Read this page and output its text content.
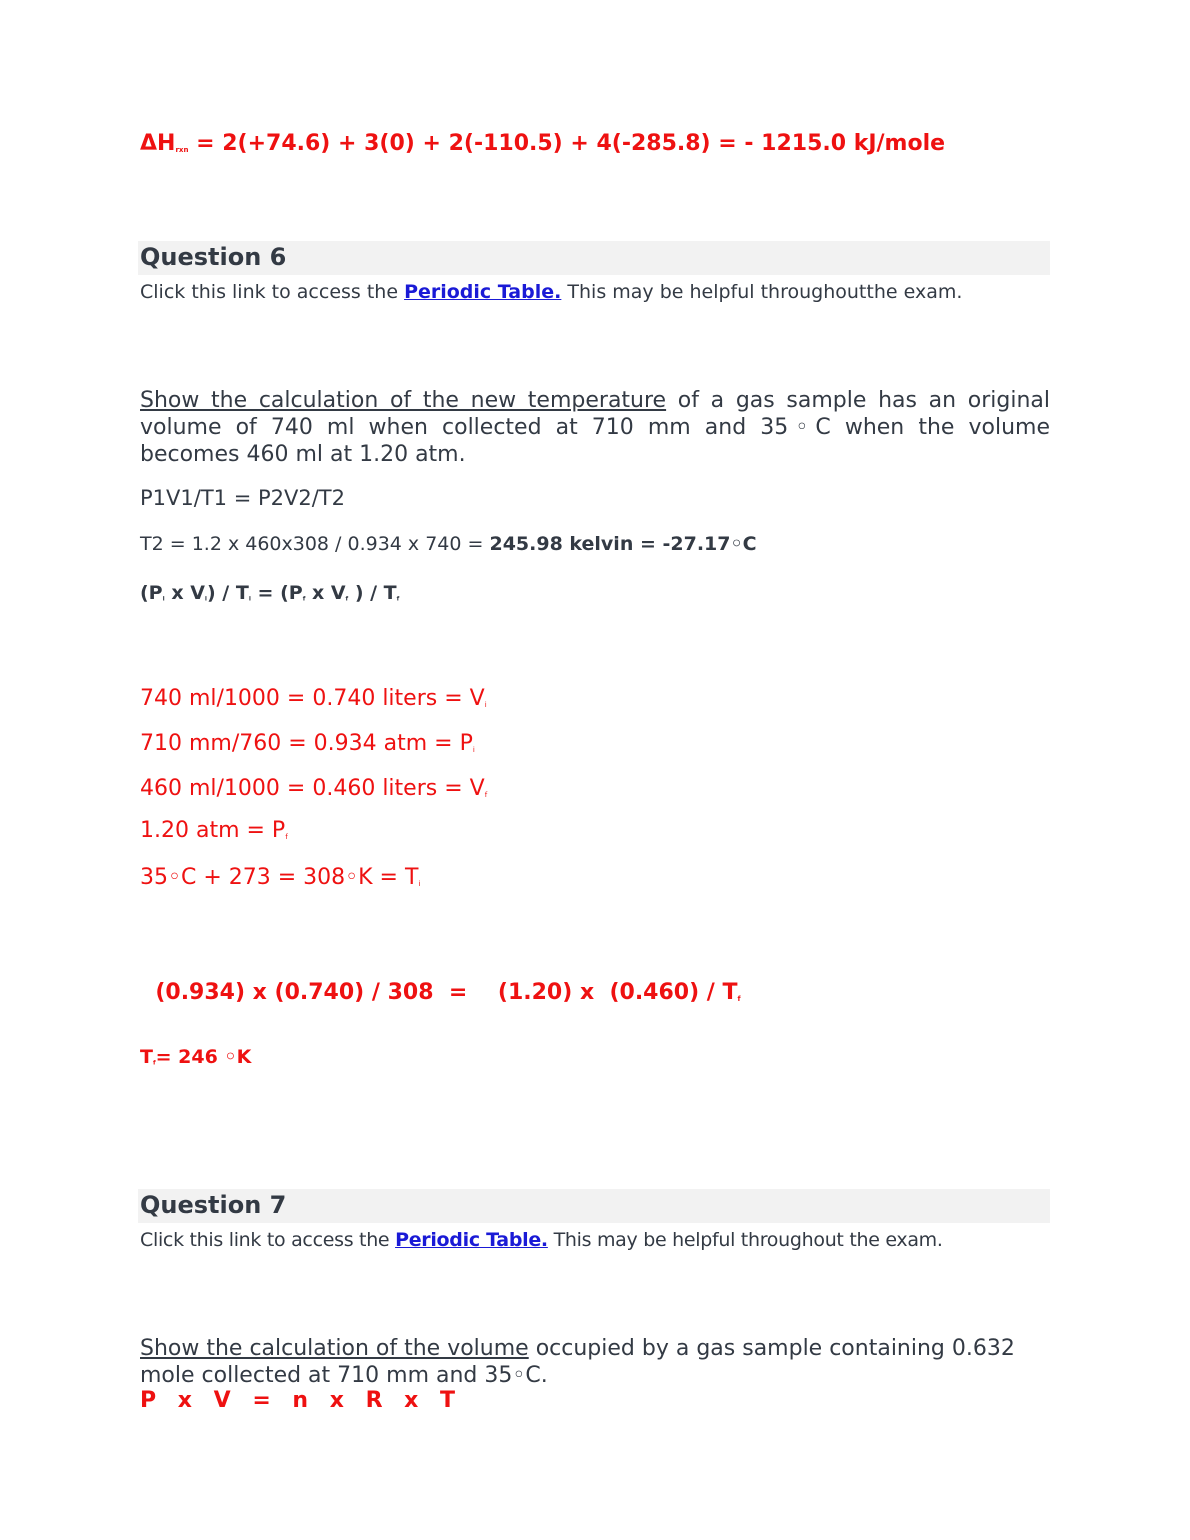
$\Delta H_{rxn} = 2(+74.6) + 3(0) + 2(-110.5) + 4(-285.8)$ = - 1215.0 kJ/mole
Question 6
Click this link to access the Periodic Table. This may be helpful throughoutthe exam.
Show the calculation of the new temperature of a gas sample has an original volume of 740 ml when collected at 710 mm and 35◦C when the volume becomes 460 ml at 1.20 atm.
P1V1/T1 = P2V2/T2
T2 = 1.2 x 460x308 / 0.934 x 740 = 245.98 kelvin = -27.17◦C
($P_i$ x $V_i) / T_i = (P_f$ x $V_f$ ) / $T_f$
740 ml/1000 = 0.740 liters = $V_i$
710 mm/760 = 0.934 atm = $P_i$
460 ml/1000 = 0.460 liters = $V_f$
1.20 atm = $P_f$
35◦C + 273 = 308◦K = $T_i$

(0.934) x (0.740) / 308  =    (1.20) x  $(0.460) / T_f$

$T_f= 246$ ◦K
Question 7
Click this link to access the Periodic Table. This may be helpful throughout the exam.
Show the calculation of the volume occupied by a gas sample containing 0.632 mole collected at 710 mm and 35◦C.
P x V = n x R x T
